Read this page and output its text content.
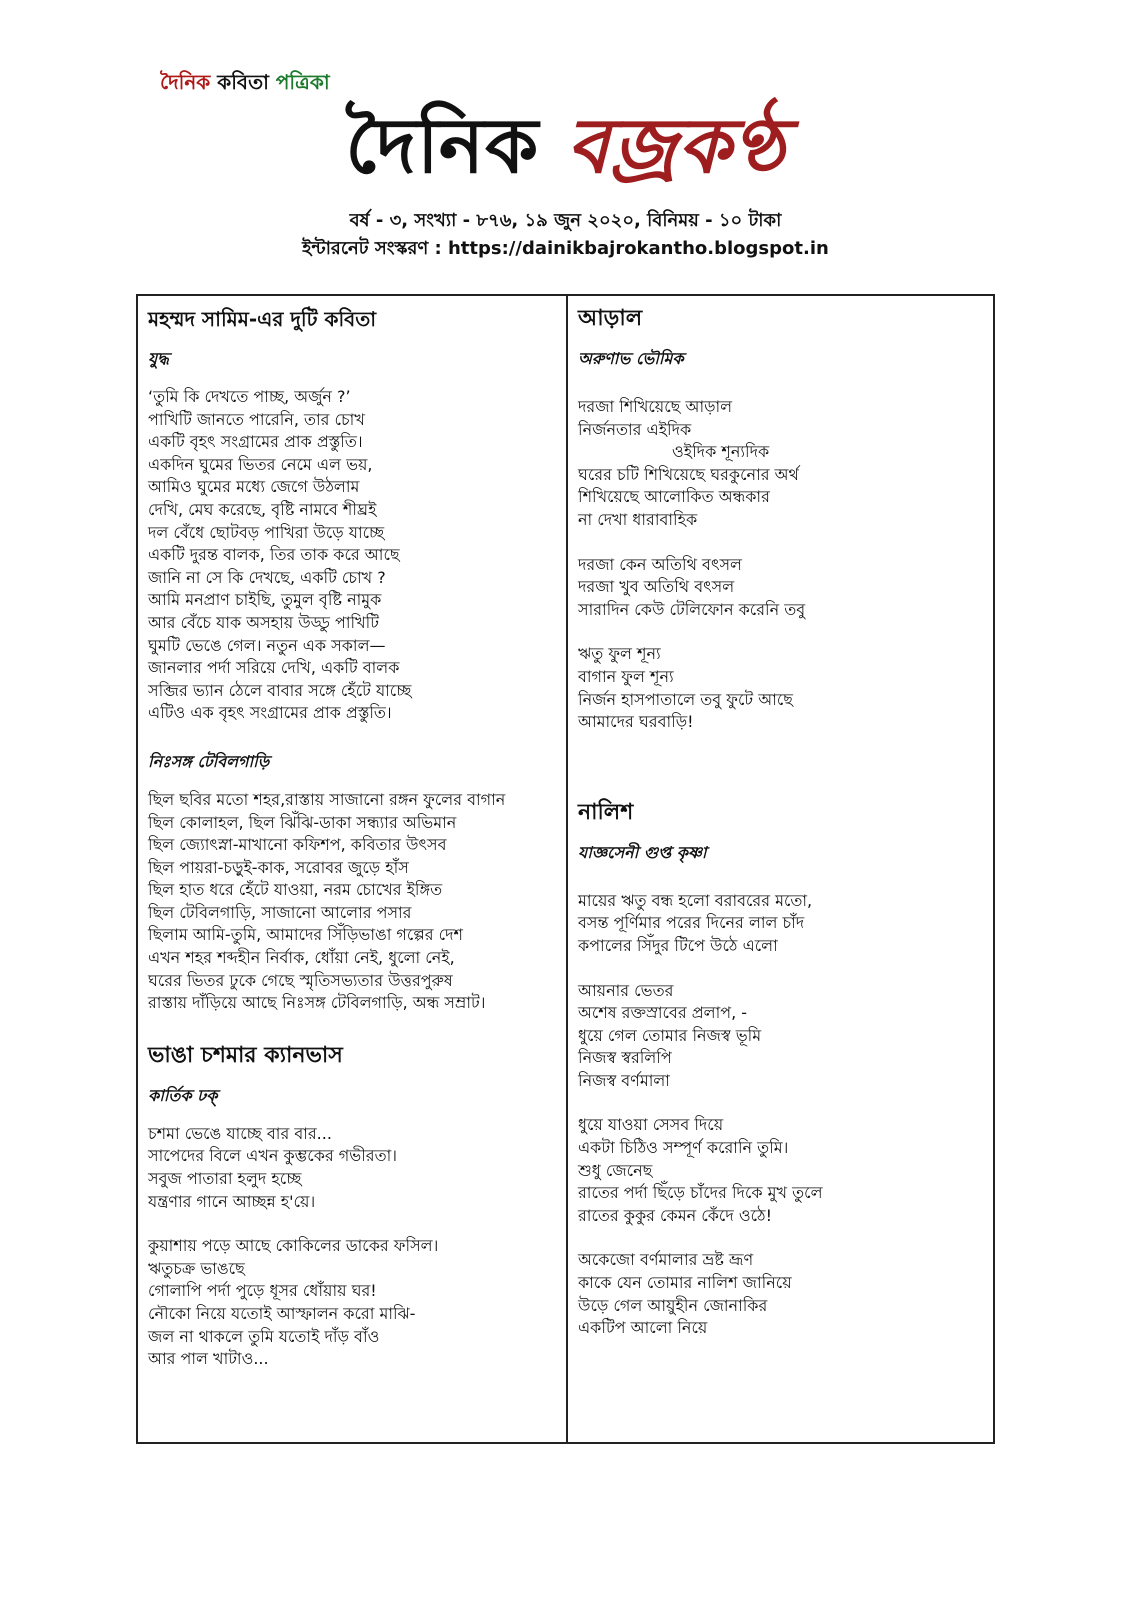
দৈনিক কবিতা পত্রিকা
দৈনিক বজ্রকণ্ঠ
বর্ষ - ৩, সংখ্যা - ৮৭৬, ১৯ জুন ২০২০, বিনিময় - ১০ টাকা
ইন্টারনেট সংস্করণ : https://dainikbajrokantho.blogspot.in
মহম্মদ সামিম-এর দুটি কবিতা
যুদ্ধ
‘তুমি কি দেখতে পাচ্ছ, অর্জুন ?’
পাখিটি জানতে পারেনি, তার চোখ
একটি বৃহৎ সংগ্রামের প্রাক প্রস্তুতি।
একদিন ঘুমের ভিতর নেমে এল ভয়,
আমিও ঘুমের মধ্যে জেগে উঠলাম
দেখি, মেঘ করেছে, বৃষ্টি নামবে শীঘ্রই
দল বেঁধে ছোটবড় পাখিরা উড়ে যাচ্ছে
একটি দুরন্ত বালক, তির তাক করে আছে
জানি না সে কি দেখছে, একটি চোখ ?
আমি মনপ্রাণ চাইছি, তুমুল বৃষ্টি নামুক
আর বেঁচে যাক অসহায় উড্ডু পাখিটি
ঘুমটি ভেঙে গেল। নতুন এক সকাল—
জানলার পর্দা সরিয়ে দেখি, একটি বালক
সব্জির ভ্যান ঠেলে বাবার সঙ্গে হেঁটে যাচ্ছে
এটিও এক বৃহৎ সংগ্রামের প্রাক প্রস্তুতি।
নিঃসঙ্গ টেবিলগাড়ি
ছিল ছবির মতো শহর,রাস্তায় সাজানো রঙ্গন ফুলের বাগান
ছিল কোলাহল, ছিল ঝিঁঝি-ডাকা সন্ধ্যার অভিমান
ছিল জ্যোৎস্না-মাখানো কফিশপ, কবিতার উৎসব
ছিল পায়রা-চড়ুই-কাক, সরোবর জুড়ে হাঁস
ছিল হাত ধরে হেঁটে যাওয়া, নরম চোখের ইঙ্গিত
ছিল টেবিলগাড়ি, সাজানো আলোর পসার
ছিলাম আমি-তুমি, আমাদের সিঁড়িভাঙা গল্পের দেশ
এখন শহর শব্দহীন নির্বাক, ধোঁয়া নেই, ধুলো নেই,
ঘরের ভিতর ঢুকে গেছে স্মৃতিসভ্যতার উত্তরপুরুষ
রাস্তায় দাঁড়িয়ে আছে নিঃসঙ্গ টেবিলগাড়ি, অন্ধ সম্রাট।
ভাঙা চশমার ক্যানভাস
কার্তিক ঢক্
চশমা ভেঙে যাচ্ছে বার বার...
সাপেদের বিলে এখন কুম্ভকের গভীরতা।
সবুজ পাতারা হলুদ হচ্ছে
যন্ত্রণার গানে আচ্ছন্ন হ'য়ে।
কুয়াশায় পড়ে আছে কোকিলের ডাকের ফসিল।
ঋতুচক্র ভাঙছে
গোলাপি পর্দা পুড়ে ধূসর ধোঁয়ায় ঘর!
নৌকো নিয়ে যতোই আস্ফালন করো মাঝি-
জল না থাকলে তুমি যতোই দাঁড় বাঁও
আর পাল খাটাও...
আড়াল
অরুণাভ ভৌমিক
দরজা শিখিয়েছে আড়াল
নির্জনতার এইদিক
ওইদিক শূন্যদিক
ঘরের চটি শিখিয়েছে ঘরকুনোর অর্থ
শিখিয়েছে আলোকিত অন্ধকার
না দেখা ধারাবাহিক
দরজা কেন অতিথি বৎসল
দরজা খুব অতিথি বৎসল
সারাদিন কেউ টেলিফোন করেনি তবু
ঋতু ফুল শূন্য
বাগান ফুল শূন্য
নির্জন হাসপাতালে তবু ফুটে আছে
আমাদের ঘরবাড়ি!
নালিশ
যাজ্ঞসেনী গুপ্ত কৃষ্ণা
মায়ের ঋতু বন্ধ হলো বরাবরের মতো,
বসন্ত পূর্ণিমার পরের দিনের লাল চাঁদ
কপালের সিঁদুর টিপে উঠে এলো
আয়নার ভেতর
অশেষ রক্তস্রাবের প্রলাপ, -
ধুয়ে গেল তোমার নিজস্ব ভূমি
নিজস্ব স্বরলিপি
নিজস্ব বর্ণমালা
ধুয়ে যাওয়া সেসব দিয়ে
একটা চিঠিও সম্পূর্ণ করোনি তুমি।
শুধু জেনেছ
রাতের পর্দা ছিঁড়ে চাঁদের দিকে মুখ তুলে
রাতের কুকুর কেমন কেঁদে ওঠে!
অকেজো বর্ণমালার ভ্রষ্ট ভ্রূণ
কাকে যেন তোমার নালিশ জানিয়ে
উড়ে গেল আয়ুহীন জোনাকির
একটিপ আলো নিয়ে
